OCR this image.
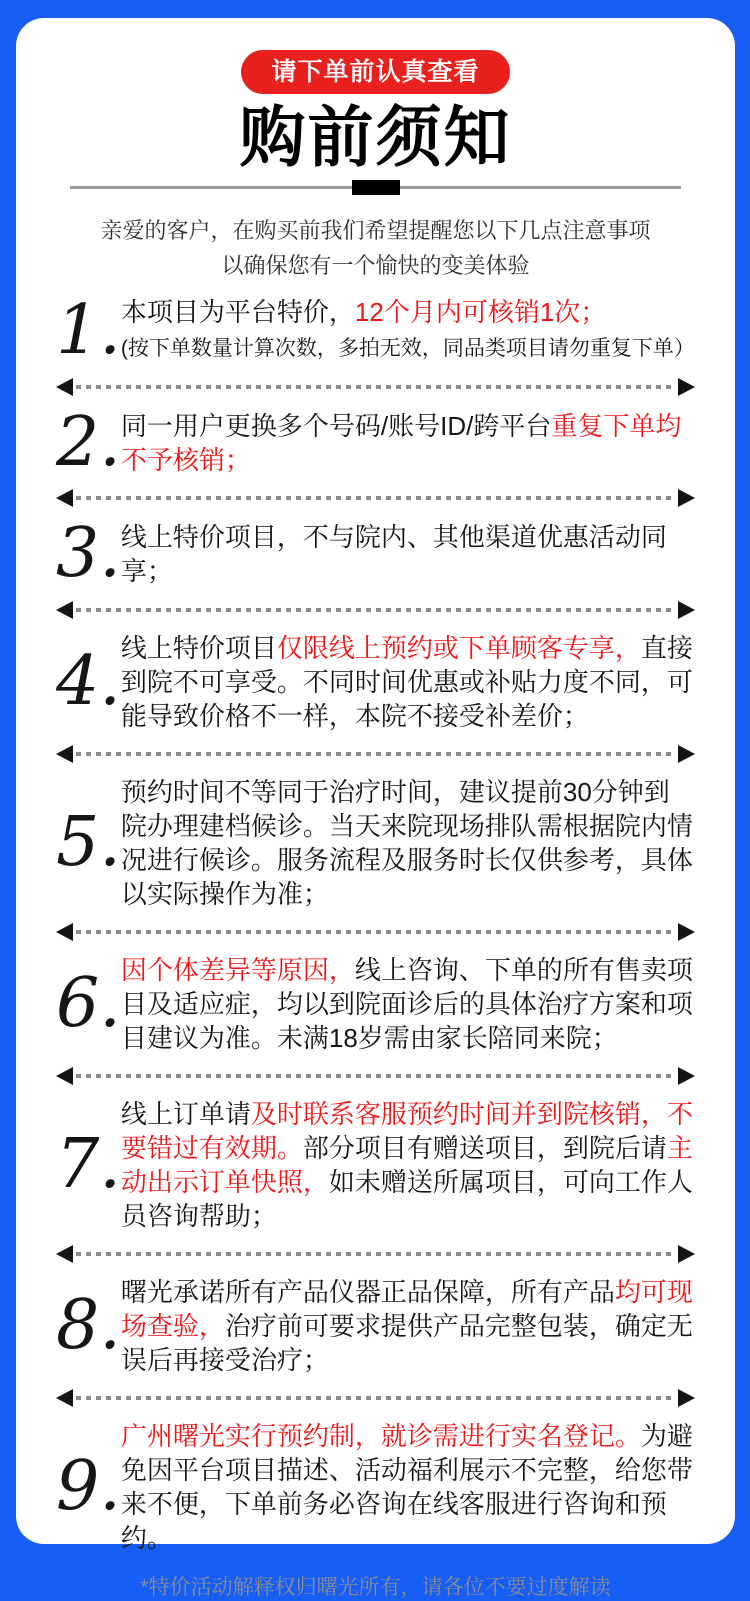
请下单前认真查看
购前须知
亲爱的客户，在购买前我们希望提醒您以下几点注意事项
以确保您有一个愉快的变美体验
1. 本项目为平台特价，12个月内可核销1次；
(按下单数量计算次数，多拍无效，同品类项目请勿重复下单）
2. 同一用户更换多个号码/账号ID/跨平台重复下单均不予核销；
3. 线上特价项目，不与院内、其他渠道优惠活动同享；
4. 线上特价项目仅限线上预约或下单顾客专享，直接到院不可享受。不同时间优惠或补贴力度不同，可能导致价格不一样，本院不接受补差价；
5.
预约时间不等同于治疗时间，建议提前30分钟到院办理建档候诊。当天来院现场排队需根据院内情况进行候诊。服务流程及服务时长仅供参考，具体以实际操作为准；
6. 因个体差异等原因，线上咨询、下单的所有售卖项目及适应症，均以到院面诊后的具体治疗方案和项目建议为准。未满18岁需由家长陪同来院；
7.
线上订单请及时联系客服预约时间并到院核销，不要错过有效期。部分项目有赠送项目，到院后请主动出示订单快照，如未赠送所属项目，可向工作人员咨询帮助；
8. 曙光承诺所有产品仪器正品保障，所有产品均可现场查验，治疗前可要求提供产品完整包装，确定无误后再接受治疗；
9.
广州曙光实行预约制，就诊需进行实名登记。为避免因平台项目描述、活动福利展示不完整，给您带来不便，下单前务必咨询在线客服进行咨询和预约。
*特价活动解释权归曙光所有，请各位不要过度解读
